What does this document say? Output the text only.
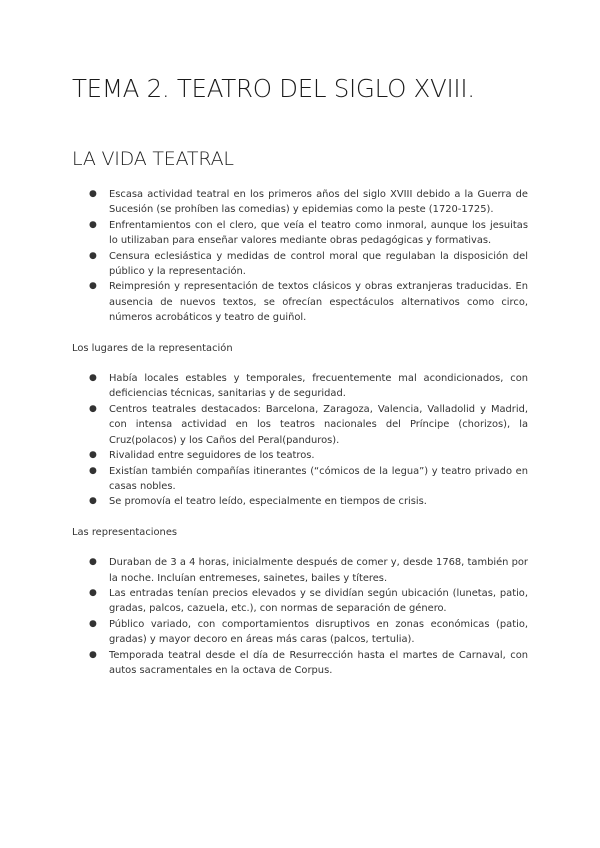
TEMA 2. TEATRO DEL SIGLO XVIII.
LA VIDA TEATRAL
● Escasa actividad teatral en los primeros años del siglo XVIII debido a la Guerra de Sucesión (se prohíben las comedias) y epidemias como la peste (1720-1725).
● Enfrentamientos con el clero, que veía el teatro como inmoral, aunque los jesuitas lo utilizaban para enseñar valores mediante obras pedagógicas y formativas.
● Censura eclesiástica y medidas de control moral que regulaban la disposición del público y la representación.
● Reimpresión y representación de textos clásicos y obras extranjeras traducidas. En ausencia de nuevos textos, se ofrecían espectáculos alternativos como circo, números acrobáticos y teatro de guiñol.

Los lugares de la representación

● Había locales estables y temporales, frecuentemente mal acondicionados, con deficiencias técnicas, sanitarias y de seguridad.
● Centros teatrales destacados: Barcelona, Zaragoza, Valencia, Valladolid y Madrid, con intensa actividad en los teatros nacionales del Príncipe (chorizos), la Cruz(polacos) y los Caños del Peral(panduros).
● Rivalidad entre seguidores de los teatros.
● Existían también compañías itinerantes (“cómicos de la legua”) y teatro privado en casas nobles.
● Se promovía el teatro leído, especialmente en tiempos de crisis.

Las representaciones

● Duraban de 3 a 4 horas, inicialmente después de comer y, desde 1768, también por la noche. Incluían entremeses, sainetes, bailes y títeres.
● Las entradas tenían precios elevados y se dividían según ubicación (lunetas, patio, gradas, palcos, cazuela, etc.), con normas de separación de género.
● Público variado, con comportamientos disruptivos en zonas económicas (patio, gradas) y mayor decoro en áreas más caras (palcos, tertulia).
● Temporada teatral desde el día de Resurrección hasta el martes de Carnaval, con autos sacramentales en la octava de Corpus.
